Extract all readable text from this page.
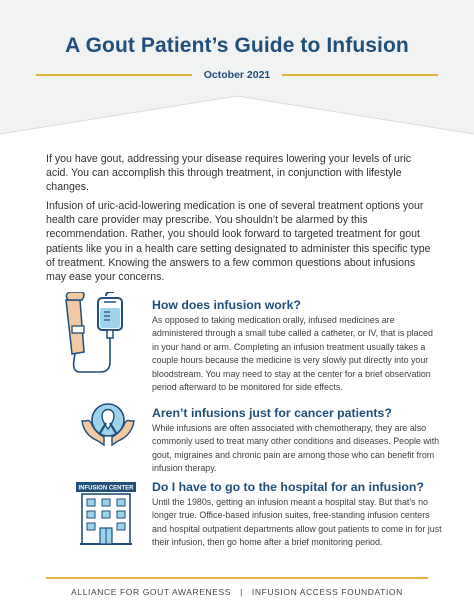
A Gout Patient’s Guide to Infusion
October 2021

If you have gout, addressing your disease requires lowering your levels of uric acid. You can accomplish this through treatment, in conjunction with lifestyle changes.

Infusion of uric-acid-lowering medication is one of several treatment options your health care provider may prescribe. You shouldn’t be alarmed by this recommendation. Rather, you should look forward to targeted treatment for gout patients like you in a health care setting designated to administer this specific type of treatment. Knowing the answers to a few common questions about infusions may ease your concerns.

How does infusion work?

As opposed to taking medication orally, infused medicines are administered through a small tube called a catheter, or IV, that is placed in your hand or arm. Completing an infusion treatment usually takes a couple hours because the medicine is very slowly put directly into your bloodstream. You may need to stay at the center for a brief observation period afterward to be monitored for side effects.

Aren’t infusions just for cancer patients?

While infusions are often associated with chemotherapy, they are also commonly used to treat many other conditions and diseases. People with gout, migraines and chronic pain are among those who can benefit from infusion therapy.

INFUSION CENTER Do I have to go to the hospital for an infusion?

Until the 1980s, getting an infusion meant a hospital stay. But that’s no longer true. Office-based infusion suites, free-standing infusion centers and hospital outpatient departments allow gout patients to come in for just their infusion, then go home after a brief monitoring period.

ALLIANCE FOR GOUT AWARENESS | INFUSION ACCESS FOUNDATION
